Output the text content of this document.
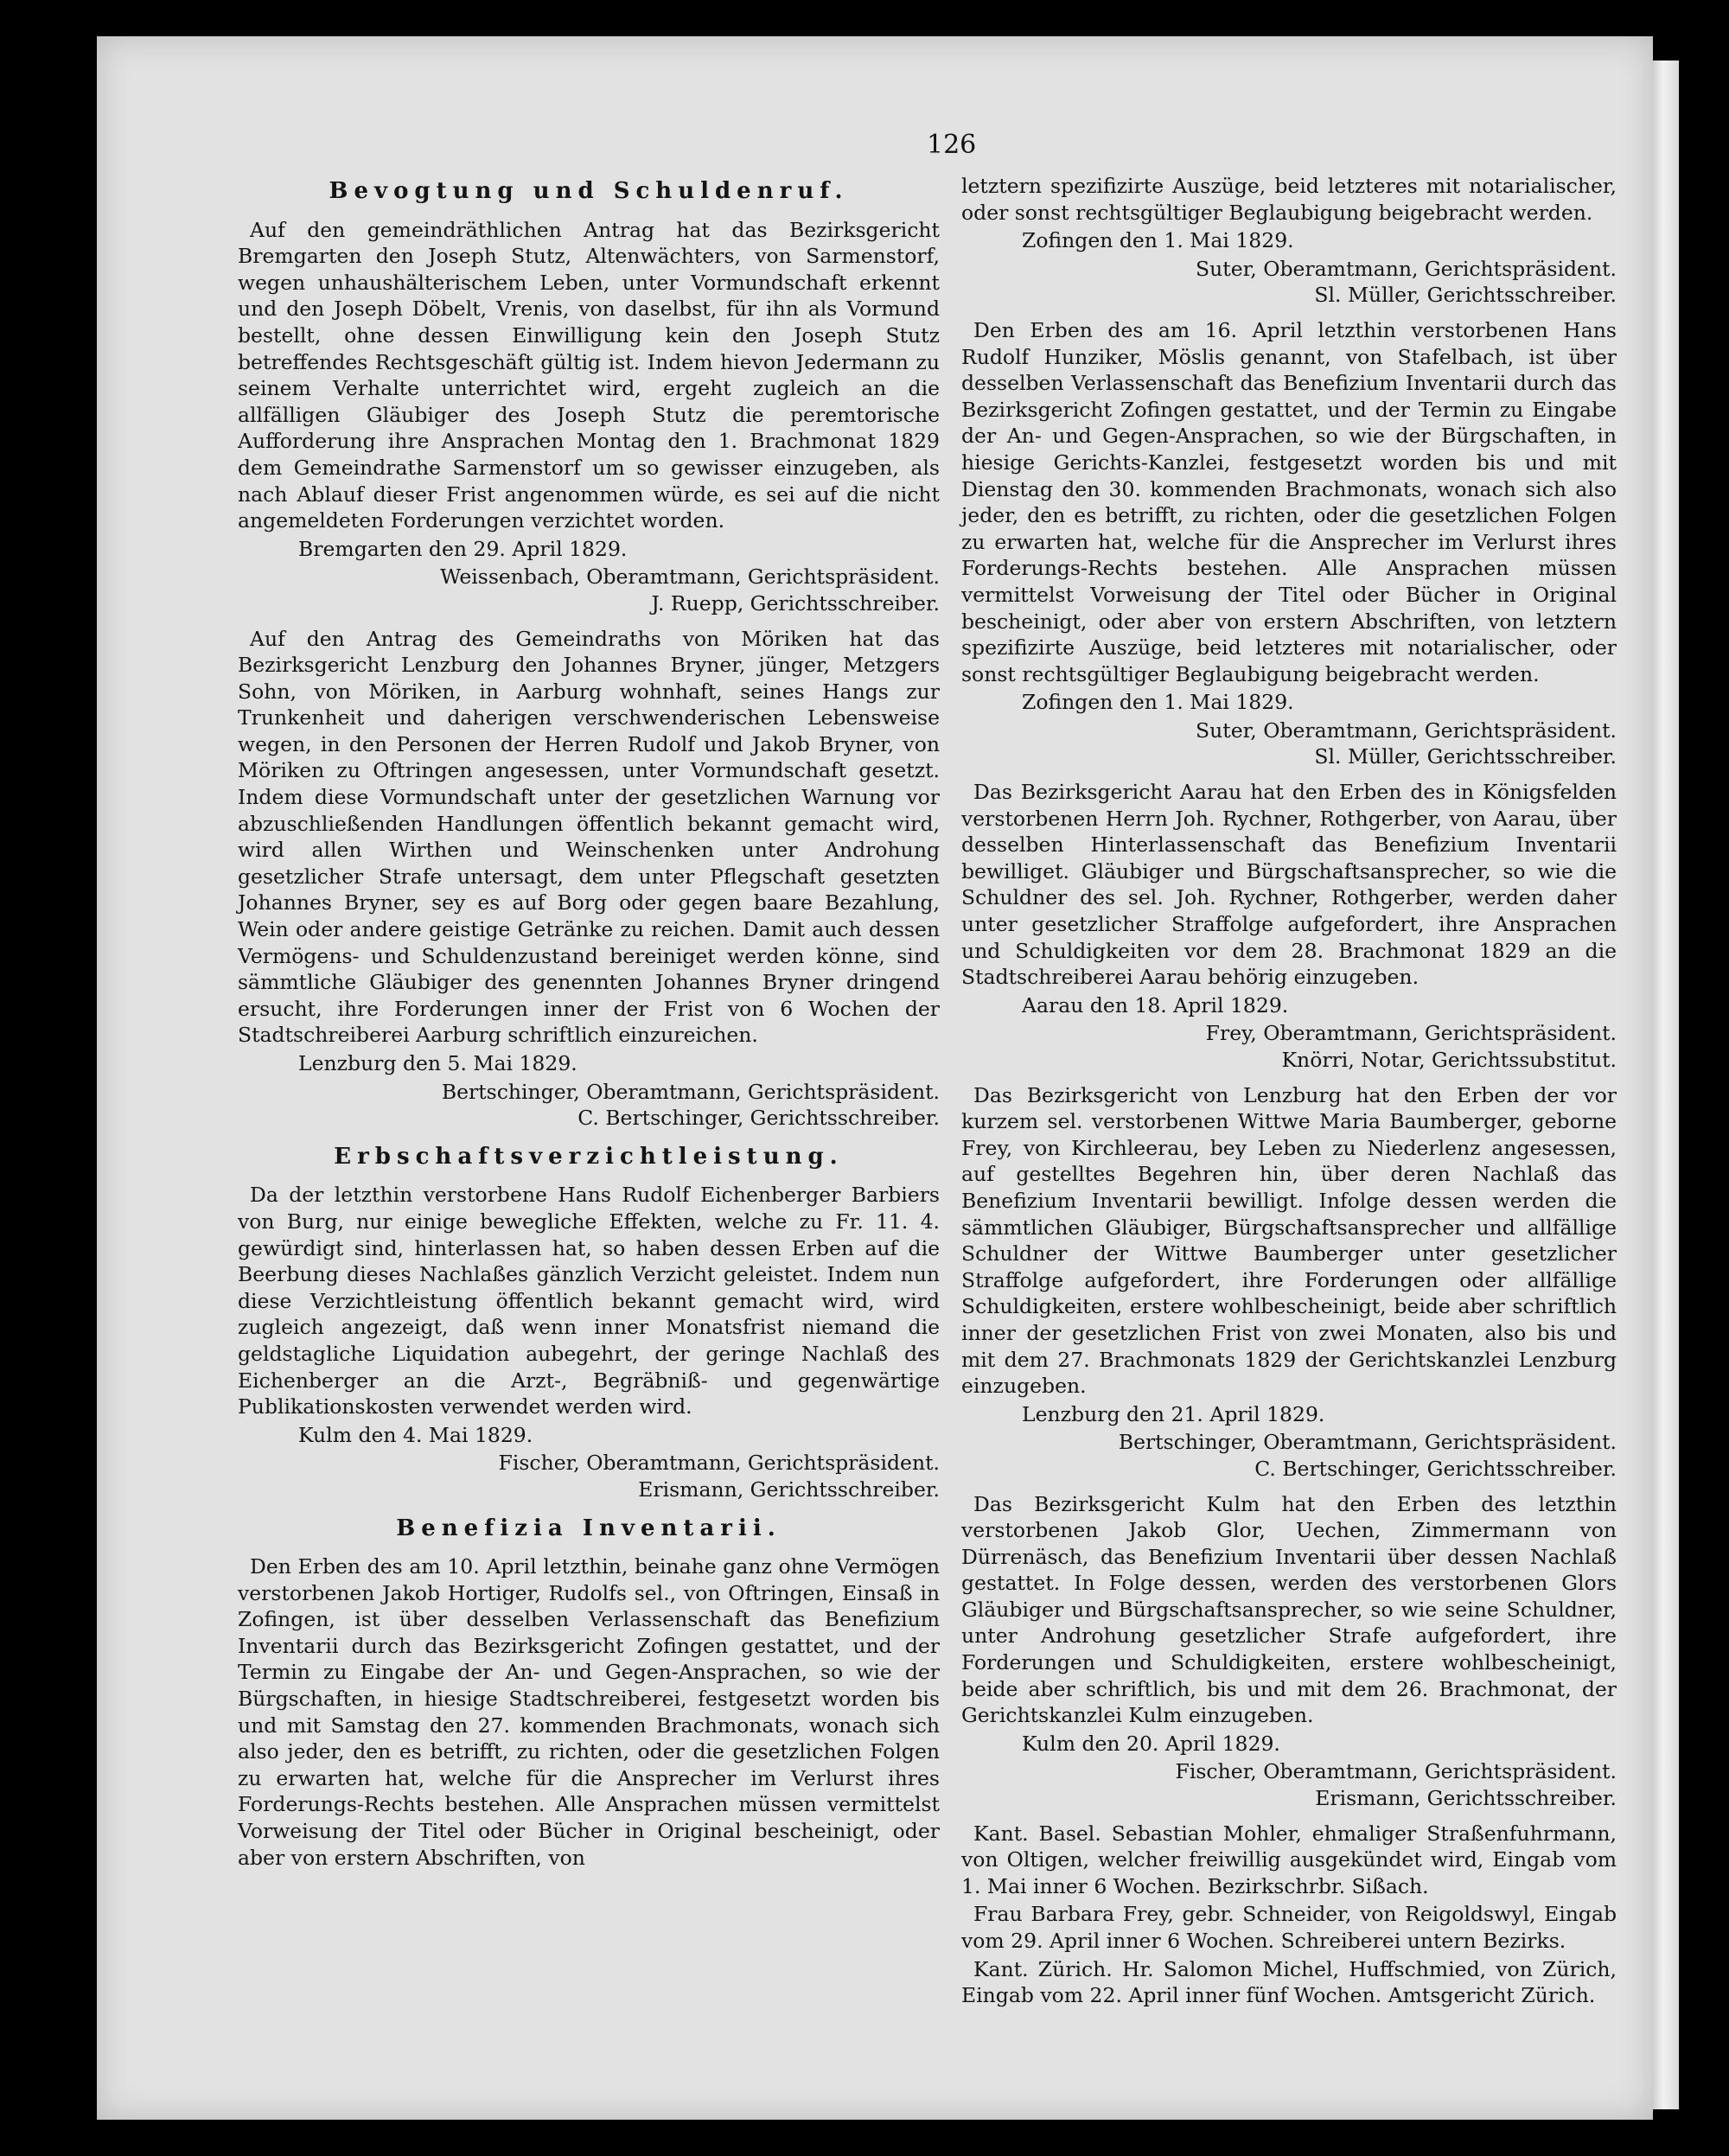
126
Bevogtung und Schuldenruf.

Auf den gemeindräthlichen Antrag hat das Bezirksgericht Bremgarten den Joseph Stutz, Altenwächters, von Sarmenstorf, wegen unhaushälterischem Leben, unter Vormundschaft erkennt und den Joseph Döbelt, Vrenis, von daselbst, für ihn als Vormund bestellt, ohne dessen Einwilligung kein den Joseph Stutz betreffendes Rechtsgeschäft gültig ist. Indem hievon Jedermann zu seinem Verhalte unterrichtet wird, ergeht zugleich an die allfälligen Gläubiger des Joseph Stutz die peremtorische Aufforderung ihre Ansprachen Montag den 1. Brachmonat 1829 dem Gemeindrathe Sarmenstorf um so gewisser einzugeben, als nach Ablauf dieser Frist angenommen würde, es sei auf die nicht angemeldeten Forderungen verzichtet worden.

Bremgarten den 29. April 1829.

Weissenbach, Oberamtmann, Gerichtspräsident.

J. Ruepp, Gerichtsschreiber.

Auf den Antrag des Gemeindraths von Möriken hat das Bezirksgericht Lenzburg den Johannes Bryner, jünger, Metzgers Sohn, von Möriken, in Aarburg wohnhaft, seines Hangs zur Trunkenheit und daherigen verschwenderischen Lebensweise wegen, in den Personen der Herren Rudolf und Jakob Bryner, von Möriken zu Oftringen angesessen, unter Vormundschaft gesetzt. Indem diese Vormundschaft unter der gesetzlichen Warnung vor abzuschließenden Handlungen öffentlich bekannt gemacht wird, wird allen Wirthen und Weinschenken unter Androhung gesetzlicher Strafe untersagt, dem unter Pflegschaft gesetzten Johannes Bryner, sey es auf Borg oder gegen baare Bezahlung, Wein oder andere geistige Getränke zu reichen. Damit auch dessen Vermögens- und Schuldenzustand bereiniget werden könne, sind sämmtliche Gläubiger des genennten Johannes Bryner dringend ersucht, ihre Forderungen inner der Frist von 6 Wochen der Stadtschreiberei Aarburg schriftlich einzureichen.

Lenzburg den 5. Mai 1829.

Bertschinger, Oberamtmann, Gerichtspräsident.

C. Bertschinger, Gerichtsschreiber.

Erbschaftsverzichtleistung.

Da der letzthin verstorbene Hans Rudolf Eichenberger Barbiers von Burg, nur einige bewegliche Effekten, welche zu Fr. 11. 4. gewürdigt sind, hinterlassen hat, so haben dessen Erben auf die Beerbung dieses Nachlaßes gänzlich Verzicht geleistet. Indem nun diese Verzichtleistung öffentlich bekannt gemacht wird, wird zugleich angezeigt, daß wenn inner Monatsfrist niemand die geldstagliche Liquidation aubegehrt, der geringe Nachlaß des Eichenberger an die Arzt-, Begräbniß- und gegenwärtige Publikationskosten verwendet werden wird.

Kulm den 4. Mai 1829.

Fischer, Oberamtmann, Gerichtspräsident.

Erismann, Gerichtsschreiber.

Benefizia Inventarii.

Den Erben des am 10. April letzthin, beinahe ganz ohne Vermögen verstorbenen Jakob Hortiger, Rudolfs sel., von Oftringen, Einsaß in Zofingen, ist über desselben Verlassenschaft das Benefizium Inventarii durch das Bezirksgericht Zofingen gestattet, und der Termin zu Eingabe der An- und Gegen-Ansprachen, so wie der Bürgschaften, in hiesige Stadtschreiberei, festgesetzt worden bis und mit Samstag den 27. kommenden Brachmonats, wonach sich also jeder, den es betrifft, zu richten, oder die gesetzlichen Folgen zu erwarten hat, welche für die Ansprecher im Verlurst ihres Forderungs-Rechts bestehen. Alle Ansprachen müssen vermittelst Vorweisung der Titel oder Bücher in Original bescheinigt, oder aber von erstern Abschriften, von

letztern spezifizirte Auszüge, beid letzteres mit notarialischer, oder sonst rechtsgültiger Beglaubigung beigebracht werden.

Zofingen den 1. Mai 1829.

Suter, Oberamtmann, Gerichtspräsident.

Sl. Müller, Gerichtsschreiber.

Den Erben des am 16. April letzthin verstorbenen Hans Rudolf Hunziker, Möslis genannt, von Stafelbach, ist über desselben Verlassenschaft das Benefizium Inventarii durch das Bezirksgericht Zofingen gestattet, und der Termin zu Eingabe der An- und Gegen-Ansprachen, so wie der Bürgschaften, in hiesige Gerichts-Kanzlei, festgesetzt worden bis und mit Dienstag den 30. kommenden Brachmonats, wonach sich also jeder, den es betrifft, zu richten, oder die gesetzlichen Folgen zu erwarten hat, welche für die Ansprecher im Verlurst ihres Forderungs-Rechts bestehen. Alle Ansprachen müssen vermittelst Vorweisung der Titel oder Bücher in Original bescheinigt, oder aber von erstern Abschriften, von letztern spezifizirte Auszüge, beid letzteres mit notarialischer, oder sonst rechtsgültiger Beglaubigung beigebracht werden.

Zofingen den 1. Mai 1829.

Suter, Oberamtmann, Gerichtspräsident.

Sl. Müller, Gerichtsschreiber.

Das Bezirksgericht Aarau hat den Erben des in Königsfelden verstorbenen Herrn Joh. Rychner, Rothgerber, von Aarau, über desselben Hinterlassenschaft das Benefizium Inventarii bewilliget. Gläubiger und Bürgschaftsansprecher, so wie die Schuldner des sel. Joh. Rychner, Rothgerber, werden daher unter gesetzlicher Straffolge aufgefordert, ihre Ansprachen und Schuldigkeiten vor dem 28. Brachmonat 1829 an die Stadtschreiberei Aarau behörig einzugeben.

Aarau den 18. April 1829.

Frey, Oberamtmann, Gerichtspräsident.

Knörri, Notar, Gerichtssubstitut.

Das Bezirksgericht von Lenzburg hat den Erben der vor kurzem sel. verstorbenen Wittwe Maria Baumberger, geborne Frey, von Kirchleerau, bey Leben zu Niederlenz angesessen, auf gestelltes Begehren hin, über deren Nachlaß das Benefizium Inventarii bewilligt. Infolge dessen werden die sämmtlichen Gläubiger, Bürgschaftsansprecher und allfällige Schuldner der Wittwe Baumberger unter gesetzlicher Straffolge aufgefordert, ihre Forderungen oder allfällige Schuldigkeiten, erstere wohlbescheinigt, beide aber schriftlich inner der gesetzlichen Frist von zwei Monaten, also bis und mit dem 27. Brachmonats 1829 der Gerichtskanzlei Lenzburg einzugeben.

Lenzburg den 21. April 1829.

Bertschinger, Oberamtmann, Gerichtspräsident.

C. Bertschinger, Gerichtsschreiber.

Das Bezirksgericht Kulm hat den Erben des letzthin verstorbenen Jakob Glor, Uechen, Zimmermann von Dürrenäsch, das Benefizium Inventarii über dessen Nachlaß gestattet. In Folge dessen, werden des verstorbenen Glors Gläubiger und Bürgschaftsansprecher, so wie seine Schuldner, unter Androhung gesetzlicher Strafe aufgefordert, ihre Forderungen und Schuldigkeiten, erstere wohlbescheinigt, beide aber schriftlich, bis und mit dem 26. Brachmonat, der Gerichtskanzlei Kulm einzugeben.

Kulm den 20. April 1829.

Fischer, Oberamtmann, Gerichtspräsident.

Erismann, Gerichtsschreiber.

Kant. Basel. Sebastian Mohler, ehmaliger Straßenfuhrmann, von Oltigen, welcher freiwillig ausgekündet wird, Eingab vom 1. Mai inner 6 Wochen. Bezirkschrbr. Sißach.

Frau Barbara Frey, gebr. Schneider, von Reigoldswyl, Eingab vom 29. April inner 6 Wochen. Schreiberei untern Bezirks.

Kant. Zürich. Hr. Salomon Michel, Huffschmied, von Zürich, Eingab vom 22. April inner fünf Wochen. Amtsgericht Zürich.
